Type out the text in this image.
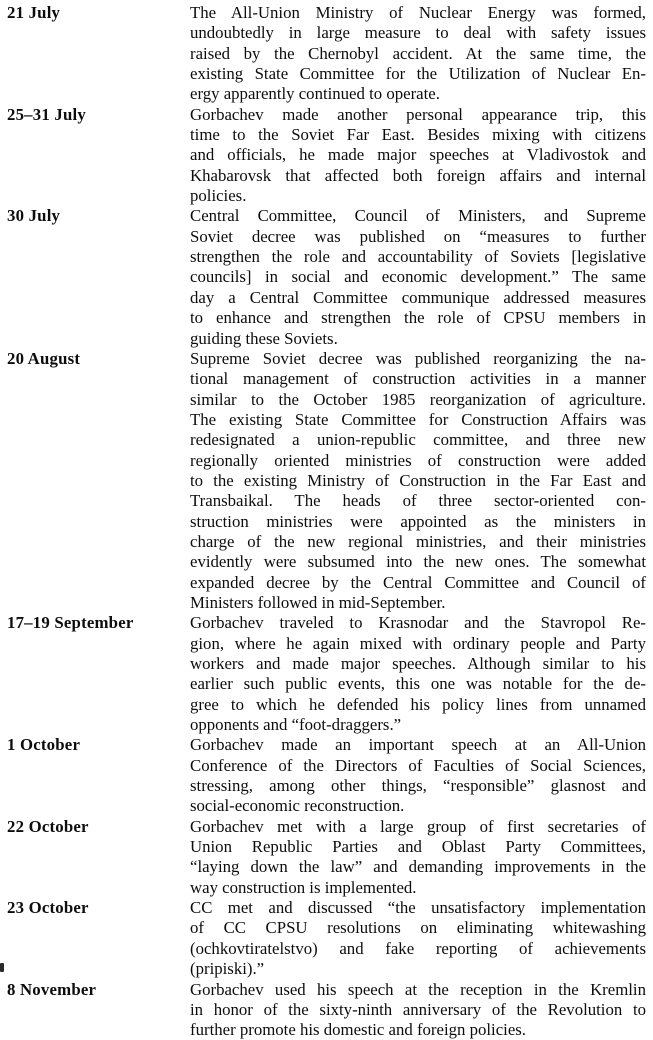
21 July	The All-Union Ministry of Nuclear Energy was formed,
undoubtedly in large measure to deal with safety issues
raised by the Chernobyl accident. At the same time, the
existing State Committee for the Utilization of Nuclear En-
ergy apparently continued to operate.
25–31 July	Gorbachev made another personal appearance trip, this
time to the Soviet Far East. Besides mixing with citizens
and officials, he made major speeches at Vladivostok and
Khabarovsk that affected both foreign affairs and internal
policies.
30 July	Central Committee, Council of Ministers, and Supreme
Soviet decree was published on “measures to further
strengthen the role and accountability of Soviets [legislative
councils] in social and economic development.” The same
day a Central Committee communique addressed measures
to enhance and strengthen the role of CPSU members in
guiding these Soviets.
20 August	Supreme Soviet decree was published reorganizing the na-
tional management of construction activities in a manner
similar to the October 1985 reorganization of agriculture.
The existing State Committee for Construction Affairs was
redesignated a union-republic committee, and three new
regionally oriented ministries of construction were added
to the existing Ministry of Construction in the Far East and
Transbaikal. The heads of three sector-oriented con-
struction ministries were appointed as the ministers in
charge of the new regional ministries, and their ministries
evidently were subsumed into the new ones. The somewhat
expanded decree by the Central Committee and Council of
Ministers followed in mid-September.
17–19 September	Gorbachev traveled to Krasnodar and the Stavropol Re-
gion, where he again mixed with ordinary people and Party
workers and made major speeches. Although similar to his
earlier such public events, this one was notable for the de-
gree to which he defended his policy lines from unnamed
opponents and “foot-draggers.”
1 October	Gorbachev made an important speech at an All-Union
Conference of the Directors of Faculties of Social Sciences,
stressing, among other things, “responsible” glasnost and
social-economic reconstruction.
22 October	Gorbachev met with a large group of first secretaries of
Union Republic Parties and Oblast Party Committees,
“laying down the law” and demanding improvements in the
way construction is implemented.
23 October	CC met and discussed “the unsatisfactory implementation
of CC CPSU resolutions on eliminating whitewashing
(ochkovtiratelstvo) and fake reporting of achievements
(pripiski).”
8 November	Gorbachev used his speech at the reception in the Kremlin
in honor of the sixty-ninth anniversary of the Revolution to
further promote his domestic and foreign policies.
